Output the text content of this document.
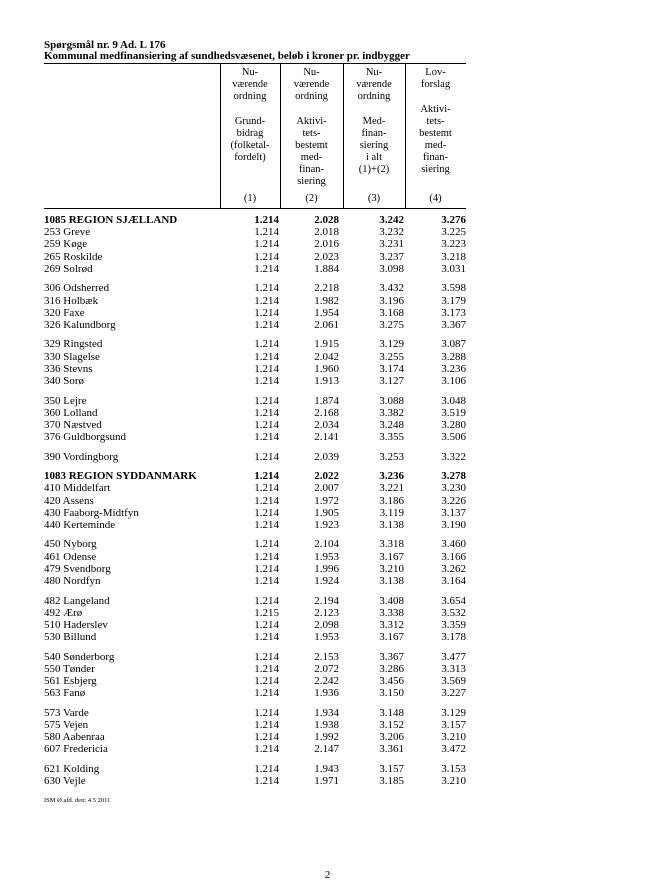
Spørgsmål nr. 9 Ad. L 176
Kommunal medfinansiering af sundhedsvæsenet, beløb i kroner pr. indbygger
Nu-
værende
ordning
Grund-
bidrag
(folketal-
fordelt)
(1)
Nu-
værende
ordning
Aktivi-
tets-
bestemt
med-
finan-
siering
(2)
Nu-
værende
ordning
Med-
finan-
siering
i alt
(1)+(2)
(3)
Lov-
forslag
Aktivi-
tets-
bestemt
med-
finan-
siering
(4)
1085 REGION SJÆLLAND	1.214	2.028	3.242	3.276
253 Greve	1.214	2.018	3.232	3.225
259 Køge	1.214	2.016	3.231	3.223
265 Roskilde	1.214	2.023	3.237	3.218
269 Solrød	1.214	1.884	3.098	3.031
306 Odsherred	1.214	2.218	3.432	3.598
316 Holbæk	1.214	1.982	3.196	3.179
320 Faxe	1.214	1.954	3.168	3.173
326 Kalundborg	1.214	2.061	3.275	3.367
329 Ringsted	1.214	1.915	3.129	3.087
330 Slagelse	1.214	2.042	3.255	3.288
336 Stevns	1.214	1.960	3.174	3.236
340 Sorø	1.214	1.913	3.127	3.106
350 Lejre	1.214	1.874	3.088	3.048
360 Lolland	1.214	2.168	3.382	3.519
370 Næstved	1.214	2.034	3.248	3.280
376 Guldborgsund	1.214	2.141	3.355	3.506
390 Vordingborg	1.214	2.039	3.253	3.322
1083 REGION SYDDANMARK	1.214	2.022	3.236	3.278
410 Middelfart	1.214	2.007	3.221	3.230
420 Assens	1.214	1.972	3.186	3.226
430 Faaborg-Midtfyn	1.214	1.905	3.119	3.137
440 Kerteminde	1.214	1.923	3.138	3.190
450 Nyborg	1.214	2.104	3.318	3.460
461 Odense	1.214	1.953	3.167	3.166
479 Svendborg	1.214	1.996	3.210	3.262
480 Nordfyn	1.214	1.924	3.138	3.164
482 Langeland	1.214	2.194	3.408	3.654
492 Ærø	1.215	2.123	3.338	3.532
510 Haderslev	1.214	2.098	3.312	3.359
530 Billund	1.214	1.953	3.167	3.178
540 Sønderborg	1.214	2.153	3.367	3.477
550 Tønder	1.214	2.072	3.286	3.313
561 Esbjerg	1.214	2.242	3.456	3.569
563 Fanø	1.214	1.936	3.150	3.227
573 Varde	1.214	1.934	3.148	3.129
575 Vejen	1.214	1.938	3.152	3.157
580 Aabenraa	1.214	1.992	3.206	3.210
607 Fredericia	1.214	2.147	3.361	3.472
621 Kolding	1.214	1.943	3.157	3.153
630 Vejle	1.214	1.971	3.185	3.210
ISM Ø.afd. den: 4 5 2011
2
